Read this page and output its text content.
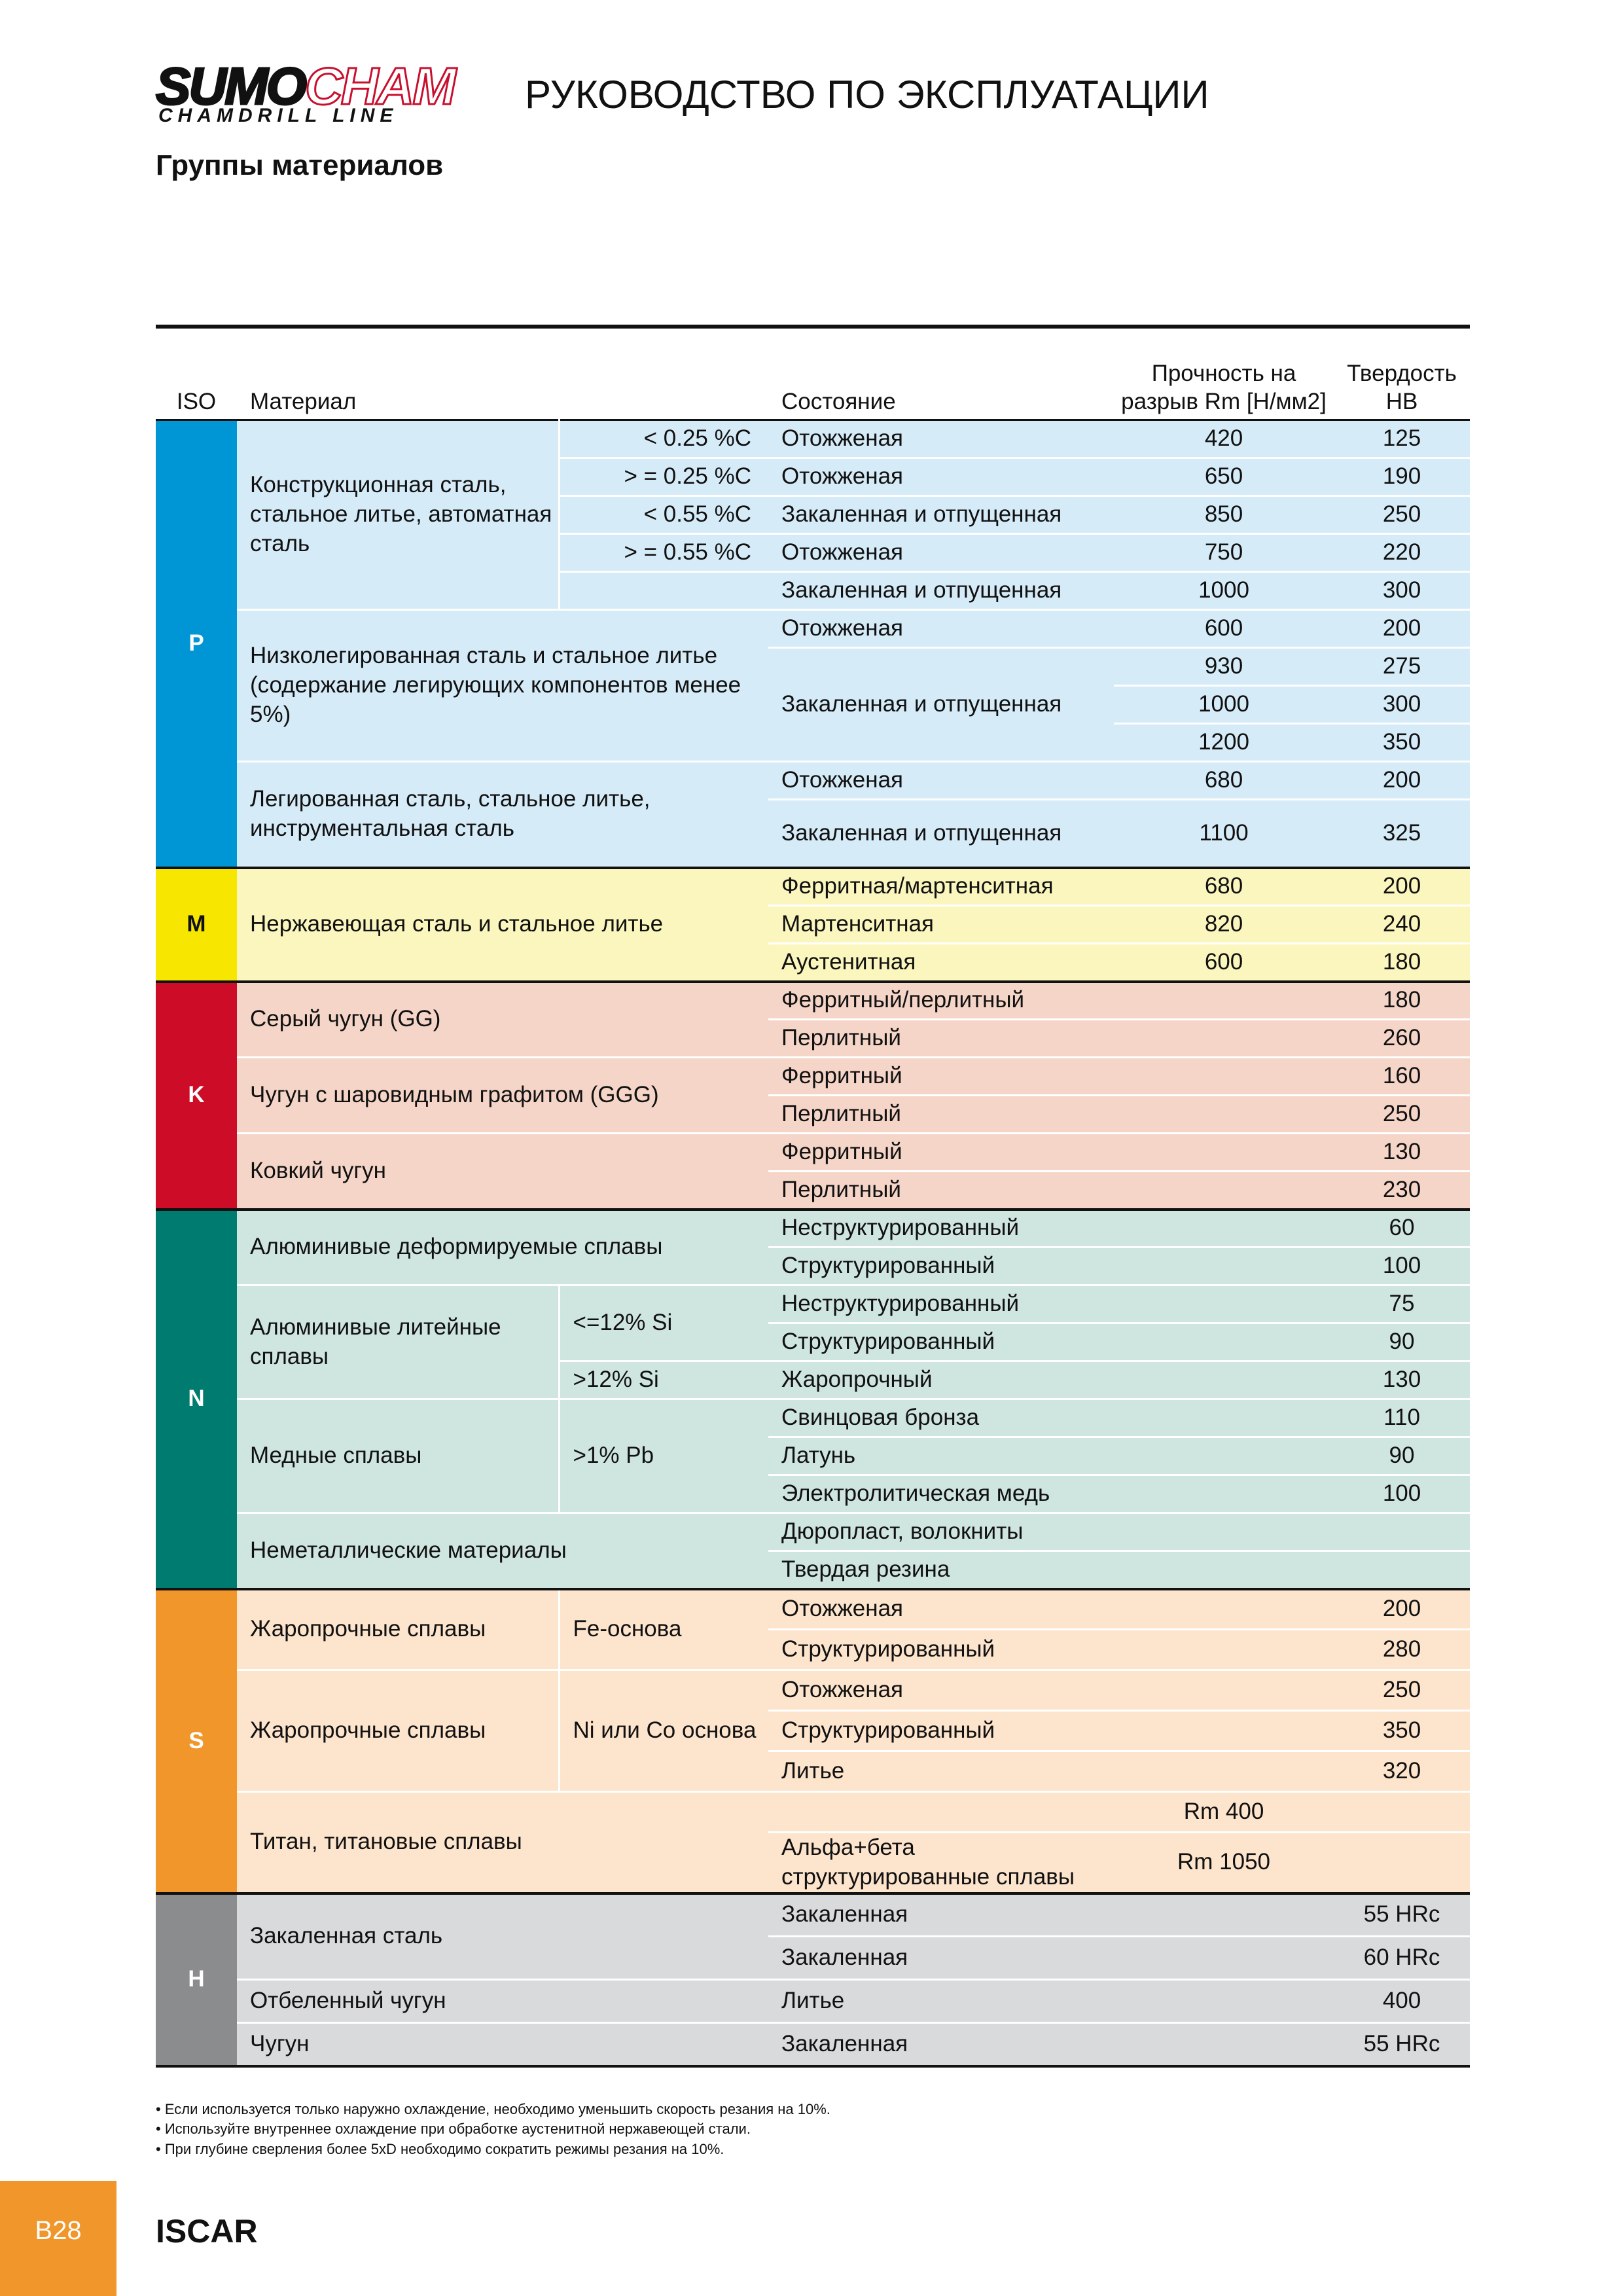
SUMOCHAM
CHAMDRILL LINE	РУКОВОДСТВО ПО ЭКСПЛУАТАЦИИ
Группы материалов
ISO	Материал		Состояние	Прочность на разрыв Rm [Н/мм2]	Твердость HB
P	Конструкционная сталь, стальное литье, автоматная сталь	< 0.25 %C	Отожженая	420	125
		> = 0.25 %C	Отожженая	650	190
		< 0.55 %C	Закаленная и отпущенная	850	250
		> = 0.55 %C	Отожженая	750	220
			Закаленная и отпущенная	1000	300
	Низколегированная сталь и стальное литье (содержание легирующих компонентов менее 5%)		Отожженая	600	200
			Закаленная и отпущенная	930	275
				1000	300
				1200	350
	Легированная сталь, стальное литье, инструментальная сталь		Отожженая	680	200
			Закаленная и отпущенная	1100	325
M	Нержавеющая сталь и стальное литье		Ферритная/мартенситная	680	200
			Мартенситная	820	240
			Аустенитная	600	180
K	Серый чугун (GG)		Ферритный/перлитный		180
			Перлитный		260
	Чугун с шаровидным графитом (GGG)		Ферритный		160
			Перлитный		250
	Ковкий чугун		Ферритный		130
			Перлитный		230
N	Алюминивые деформируемые сплавы		Неструктурированный		60
			Структурированный		100
	Алюминивые литейные сплавы	<=12% Si	Неструктурированный		75
			Структурированный		90
		>12% Si	Жаропрочный		130
	Медные сплавы	>1% Pb	Свинцовая бронза		110
			Латунь		90
			Электролитическая медь		100
	Неметаллические материалы		Дюропласт, волокниты		
			Твердая резина		
S	Жаропрочные сплавы	Fe-основа	Отожженая		200
			Структурированный		280
	Жаропрочные сплавы	Ni или Co основа	Отожженая		250
			Структурированный		350
			Литье		320
	Титан, титановые сплавы			Rm 400	
			Альфа+бета структурированные сплавы	Rm 1050	
H	Закаленная сталь		Закаленная		55 HRc
			Закаленная		60 HRc
	Отбеленный чугун		Литье		400
	Чугун		Закаленная		55 HRc
• Если используется только наружно охлаждение, необходимо уменьшить скорость резания на 10%.
• Используйте внутреннее охлаждение при обработке аустенитной нержавеющей стали.
• При глубине сверления более 5xD необходимо сократить режимы резания на 10%.
B28	ISCAR
